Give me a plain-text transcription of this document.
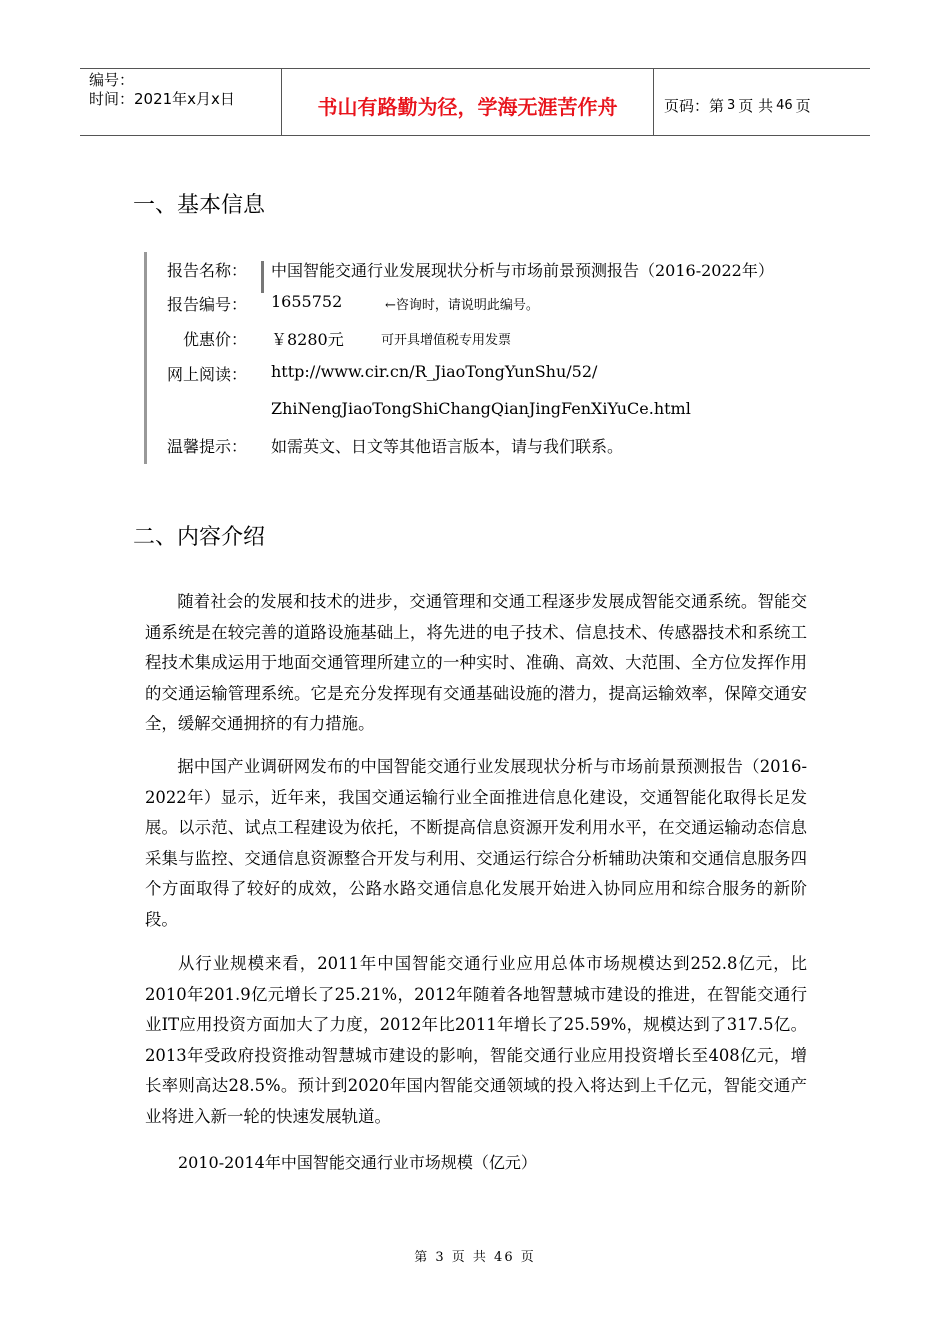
编号：
时间：2021年x月x日	书山有路勤为径，学海无涯苦作舟	页码：第 3 页 共 46 页
一、基本信息
报告名称： 中国智能交通行业发展现状分析与市场前景预测报告（2016-2022年）
报告编号： 1655752	←咨询时，请说明此编号。
优惠价： ￥8280元	可开具增值税专用发票
网上阅读： http://www.cir.cn/R_JiaoTongYunShu/52/
ZhiNengJiaoTongShiChangQianJingFenXiYuCe.html
温馨提示： 如需英文、日文等其他语言版本，请与我们联系。
二、内容介绍
随着社会的发展和技术的进步，交通管理和交通工程逐步发展成智能交通系统。智能交通系统是在较完善的道路设施基础上，将先进的电子技术、信息技术、传感器技术和系统工程技术集成运用于地面交通管理所建立的一种实时、准确、高效、大范围、全方位发挥作用的交通运输管理系统。它是充分发挥现有交通基础设施的潜力，提高运输效率，保障交通安全，缓解交通拥挤的有力措施。
据中国产业调研网发布的中国智能交通行业发展现状分析与市场前景预测报告（2016-2022年）显示，近年来，我国交通运输行业全面推进信息化建设，交通智能化取得长足发展。以示范、试点工程建设为依托，不断提高信息资源开发利用水平，在交通运输动态信息采集与监控、交通信息资源整合开发与利用、交通运行综合分析辅助决策和交通信息服务四个方面取得了较好的成效，公路水路交通信息化发展开始进入协同应用和综合服务的新阶段。
从行业规模来看，2011年中国智能交通行业应用总体市场规模达到252.8亿元，比2010年201.9亿元增长了25.21%，2012年随着各地智慧城市建设的推进，在智能交通行业IT应用投资方面加大了力度，2012年比2011年增长了25.59%，规模达到了317.5亿。2013年受政府投资推动智慧城市建设的影响，智能交通行业应用投资增长至408亿元，增长率则高达28.5%。预计到2020年国内智能交通领域的投入将达到上千亿元，智能交通产业将进入新一轮的快速发展轨道。
2010-2014年中国智能交通行业市场规模（亿元）
第 3 页 共 46 页
